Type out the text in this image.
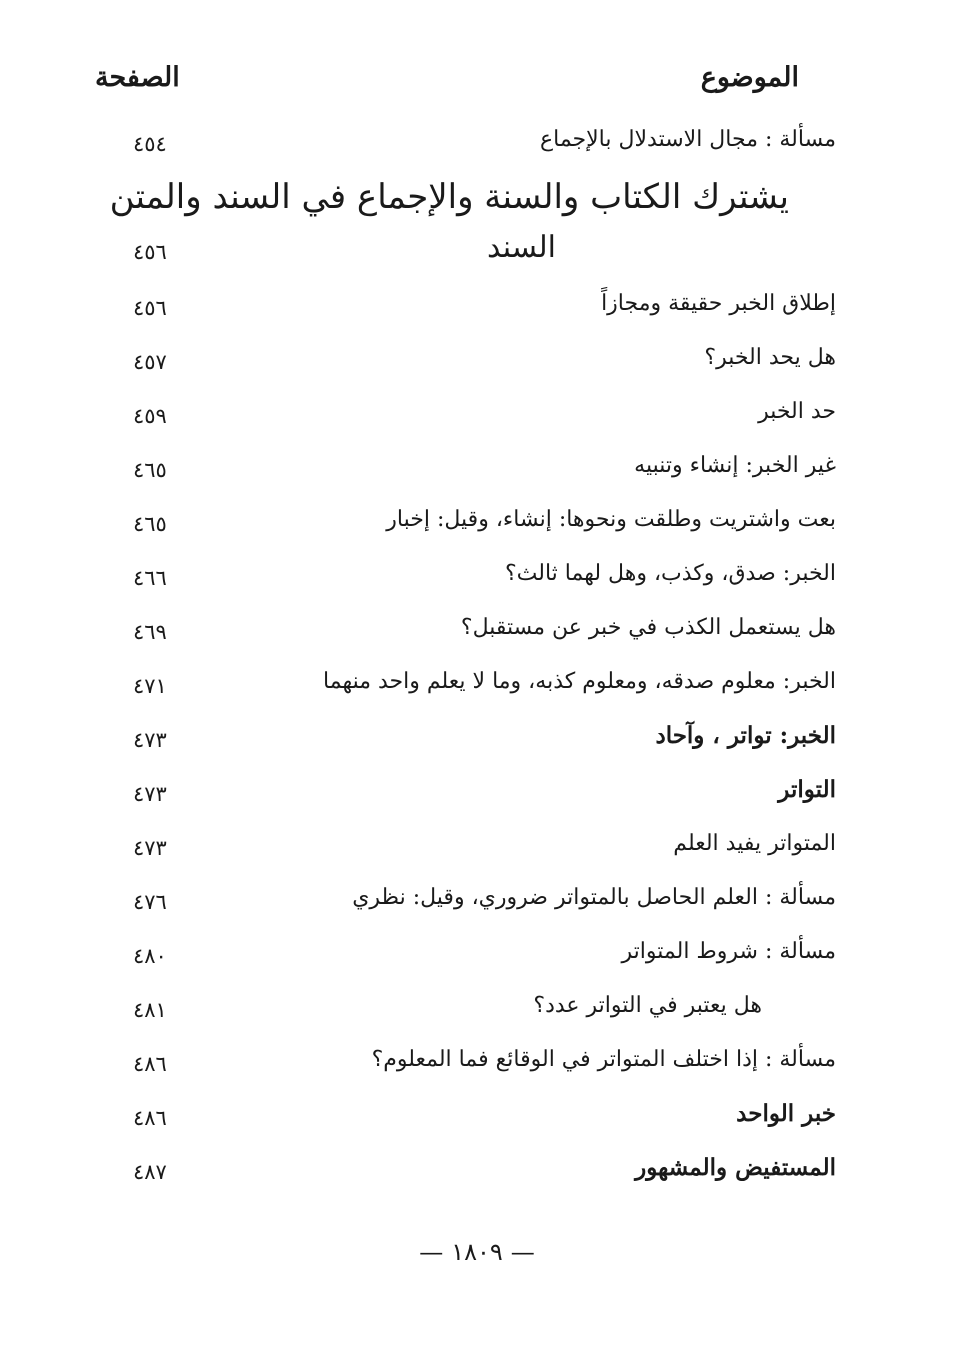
الموضوع
الصفحة
مسألة : مجال الاستدلال بالإجماع
٤٥٤
يشترك الكتاب والسنة والإجماع في السند والمتن
السند
٤٥٦
إطلاق الخبر حقيقة ومجازاً
٤٥٦
هل يحد الخبر؟
٤٥٧
حد الخبر
٤٥٩
غير الخبر: إنشاء وتنبيه
٤٦٥
بعت واشتريت وطلقت ونحوها: إنشاء، وقيل: إخبار
٤٦٥
الخبر: صدق، وكذب، وهل لهما ثالث؟
٤٦٦
هل يستعمل الكذب في خبر عن مستقبل؟
٤٦٩
الخبر: معلوم صدقه، ومعلوم كذبه، وما لا يعلم واحد منهما
٤٧١
الخبر: تواتر ، وآحاد
٤٧٣
التواتر
٤٧٣
المتواتر يفيد العلم
٤٧٣
مسألة : العلم الحاصل بالمتواتر ضروري، وقيل: نظري
٤٧٦
مسألة : شروط المتواتر
٤٨٠
هل يعتبر في التواتر عدد؟
٤٨١
مسألة : إذا اختلف المتواتر في الوقائع فما المعلوم؟
٤٨٦
خبر الواحد
٤٨٦
المستفيض والمشهور
٤٨٧
— ١٨٠٩ —
